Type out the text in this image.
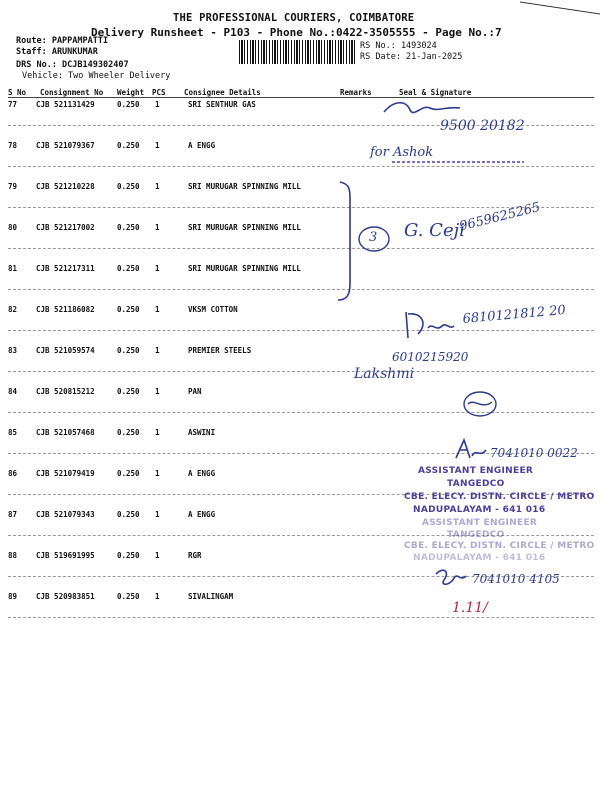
THE PROFESSIONAL COURIERS, COIMBATORE
Delivery Runsheet - P103 - Phone No.:0422-3505555 - Page No.:7
Route: PAPPAMPATTI
Staff: ARUNKUMAR
DRS No.: DCJB149302407
Vehicle: Two Wheeler Delivery
RS No.: 1493024
RS Date: 21-Jan-2025
S No Consignment No Weight PCS Consignee Details	Remarks	Seal & Signature
77	CJB 521131429	0.250 1	SRI SENTHUR GAS
78	CJB 521079367	0.250 1	A ENGG
79	CJB 521210228	0.250 1	SRI MURUGAR SPINNING MILL
80	CJB 521217002	0.250 1	SRI MURUGAR SPINNING MILL
81	CJB 521217311	0.250 1	SRI MURUGAR SPINNING MILL
82	CJB 521186082	0.250 1	VKSM COTTON
83	CJB 521059574	0.250 1	PREMIER STEELS
84	CJB 520815212	0.250 1	PAN
85	CJB 521057468	0.250 1	ASWINI
86	CJB 521079419	0.250 1	A ENGG
87	CJB 521079343	0.250 1	A ENGG
88	CJB 519691995	0.250 1	RGR
89	CJB 520983851	0.250 1	SIVALINGAM
9500 20182
for Ashok
3 G. Ceji
9659625265
6810121812 20
6010215920
Lakshmi
7041010 0022
ASSISTANT ENGINEER
TANGEDCO
CBE. ELECY. DISTN. CIRCLE / METRO
NADUPALAYAM - 641 016
ASSISTANT ENGINEER
TANGEDCO
CBE. ELECY. DISTN. CIRCLE / METRO
NADUPALAYAM - 641 016
7041010 4105
1.11/
